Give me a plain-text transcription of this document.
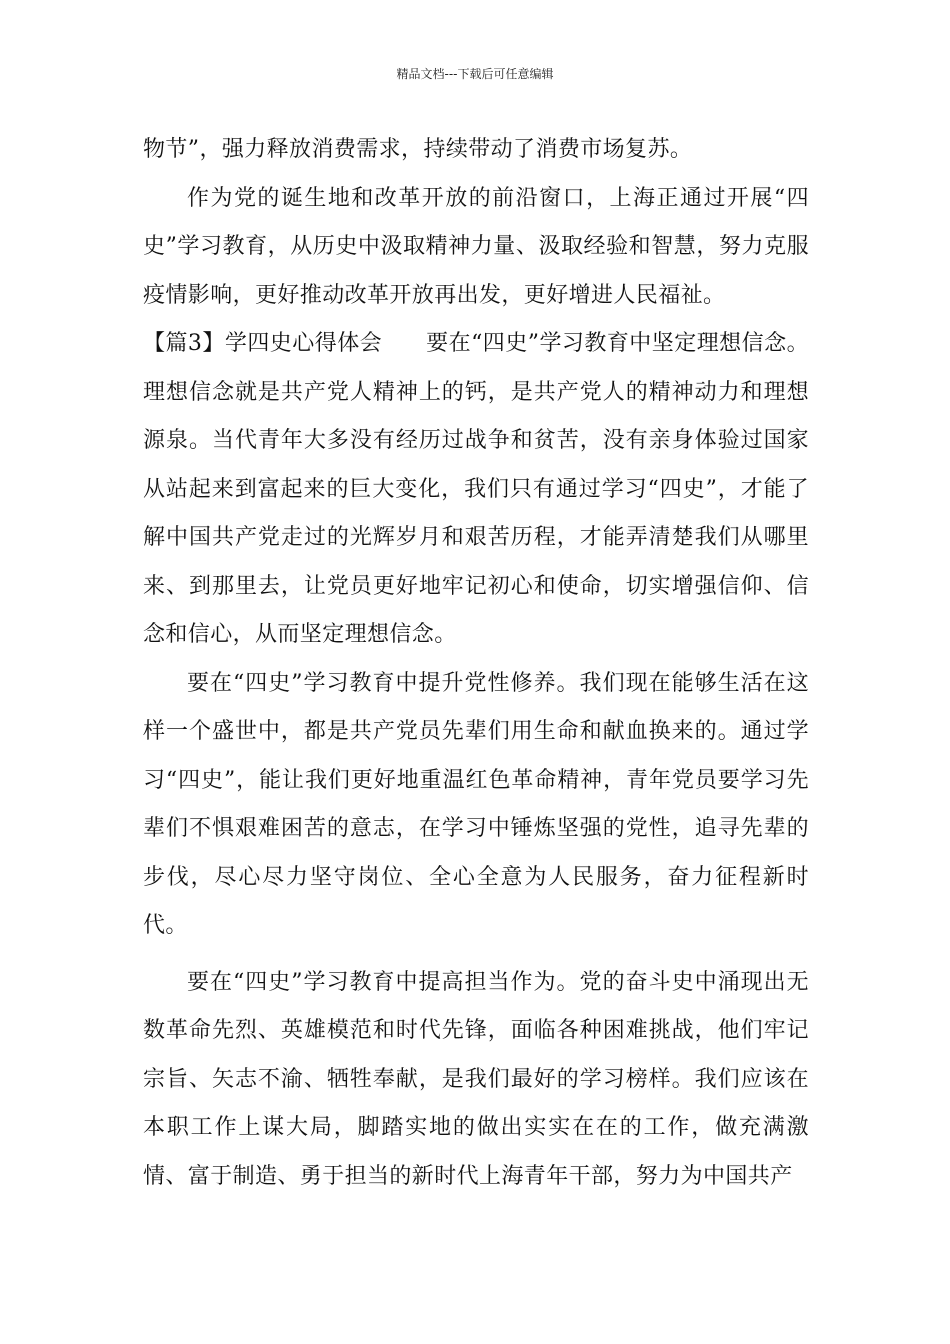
精品文档---下载后可任意编辑

物节”，强力释放消费需求，持续带动了消费市场复苏。

作为党的诞生地和改革开放的前沿窗口，上海正通过开展“四史”学习教育，从历史中汲取精神力量、汲取经验和智慧，努力克服疫情影响，更好推动改革开放再出发，更好增进人民福祉。

【篇3】学四史心得体会 要在“四史”学习教育中坚定理想信念。理想信念就是共产党人精神上的钙，是共产党人的精神动力和理想源泉。当代青年大多没有经历过战争和贫苦，没有亲身体验过国家从站起来到富起来的巨大变化，我们只有通过学习“四史”，才能了解中国共产党走过的光辉岁月和艰苦历程，才能弄清楚我们从哪里来、到那里去，让党员更好地牢记初心和使命，切实增强信仰、信念和信心，从而坚定理想信念。

要在“四史”学习教育中提升党性修养。我们现在能够生活在这样一个盛世中，都是共产党员先辈们用生命和献血换来的。通过学习“四史”，能让我们更好地重温红色革命精神，青年党员要学习先辈们不惧艰难困苦的意志，在学习中锤炼坚强的党性，追寻先辈的步伐，尽心尽力坚守岗位、全心全意为人民服务，奋力征程新时代。

要在“四史”学习教育中提高担当作为。党的奋斗史中涌现出无数革命先烈、英雄模范和时代先锋，面临各种困难挑战，他们牢记宗旨、矢志不渝、牺牲奉献，是我们最好的学习榜样。我们应该在本职工作上谋大局，脚踏实地的做出实实在在的工作，做充满激情、富于制造、勇于担当的新时代上海青年干部，努力为中国共产
